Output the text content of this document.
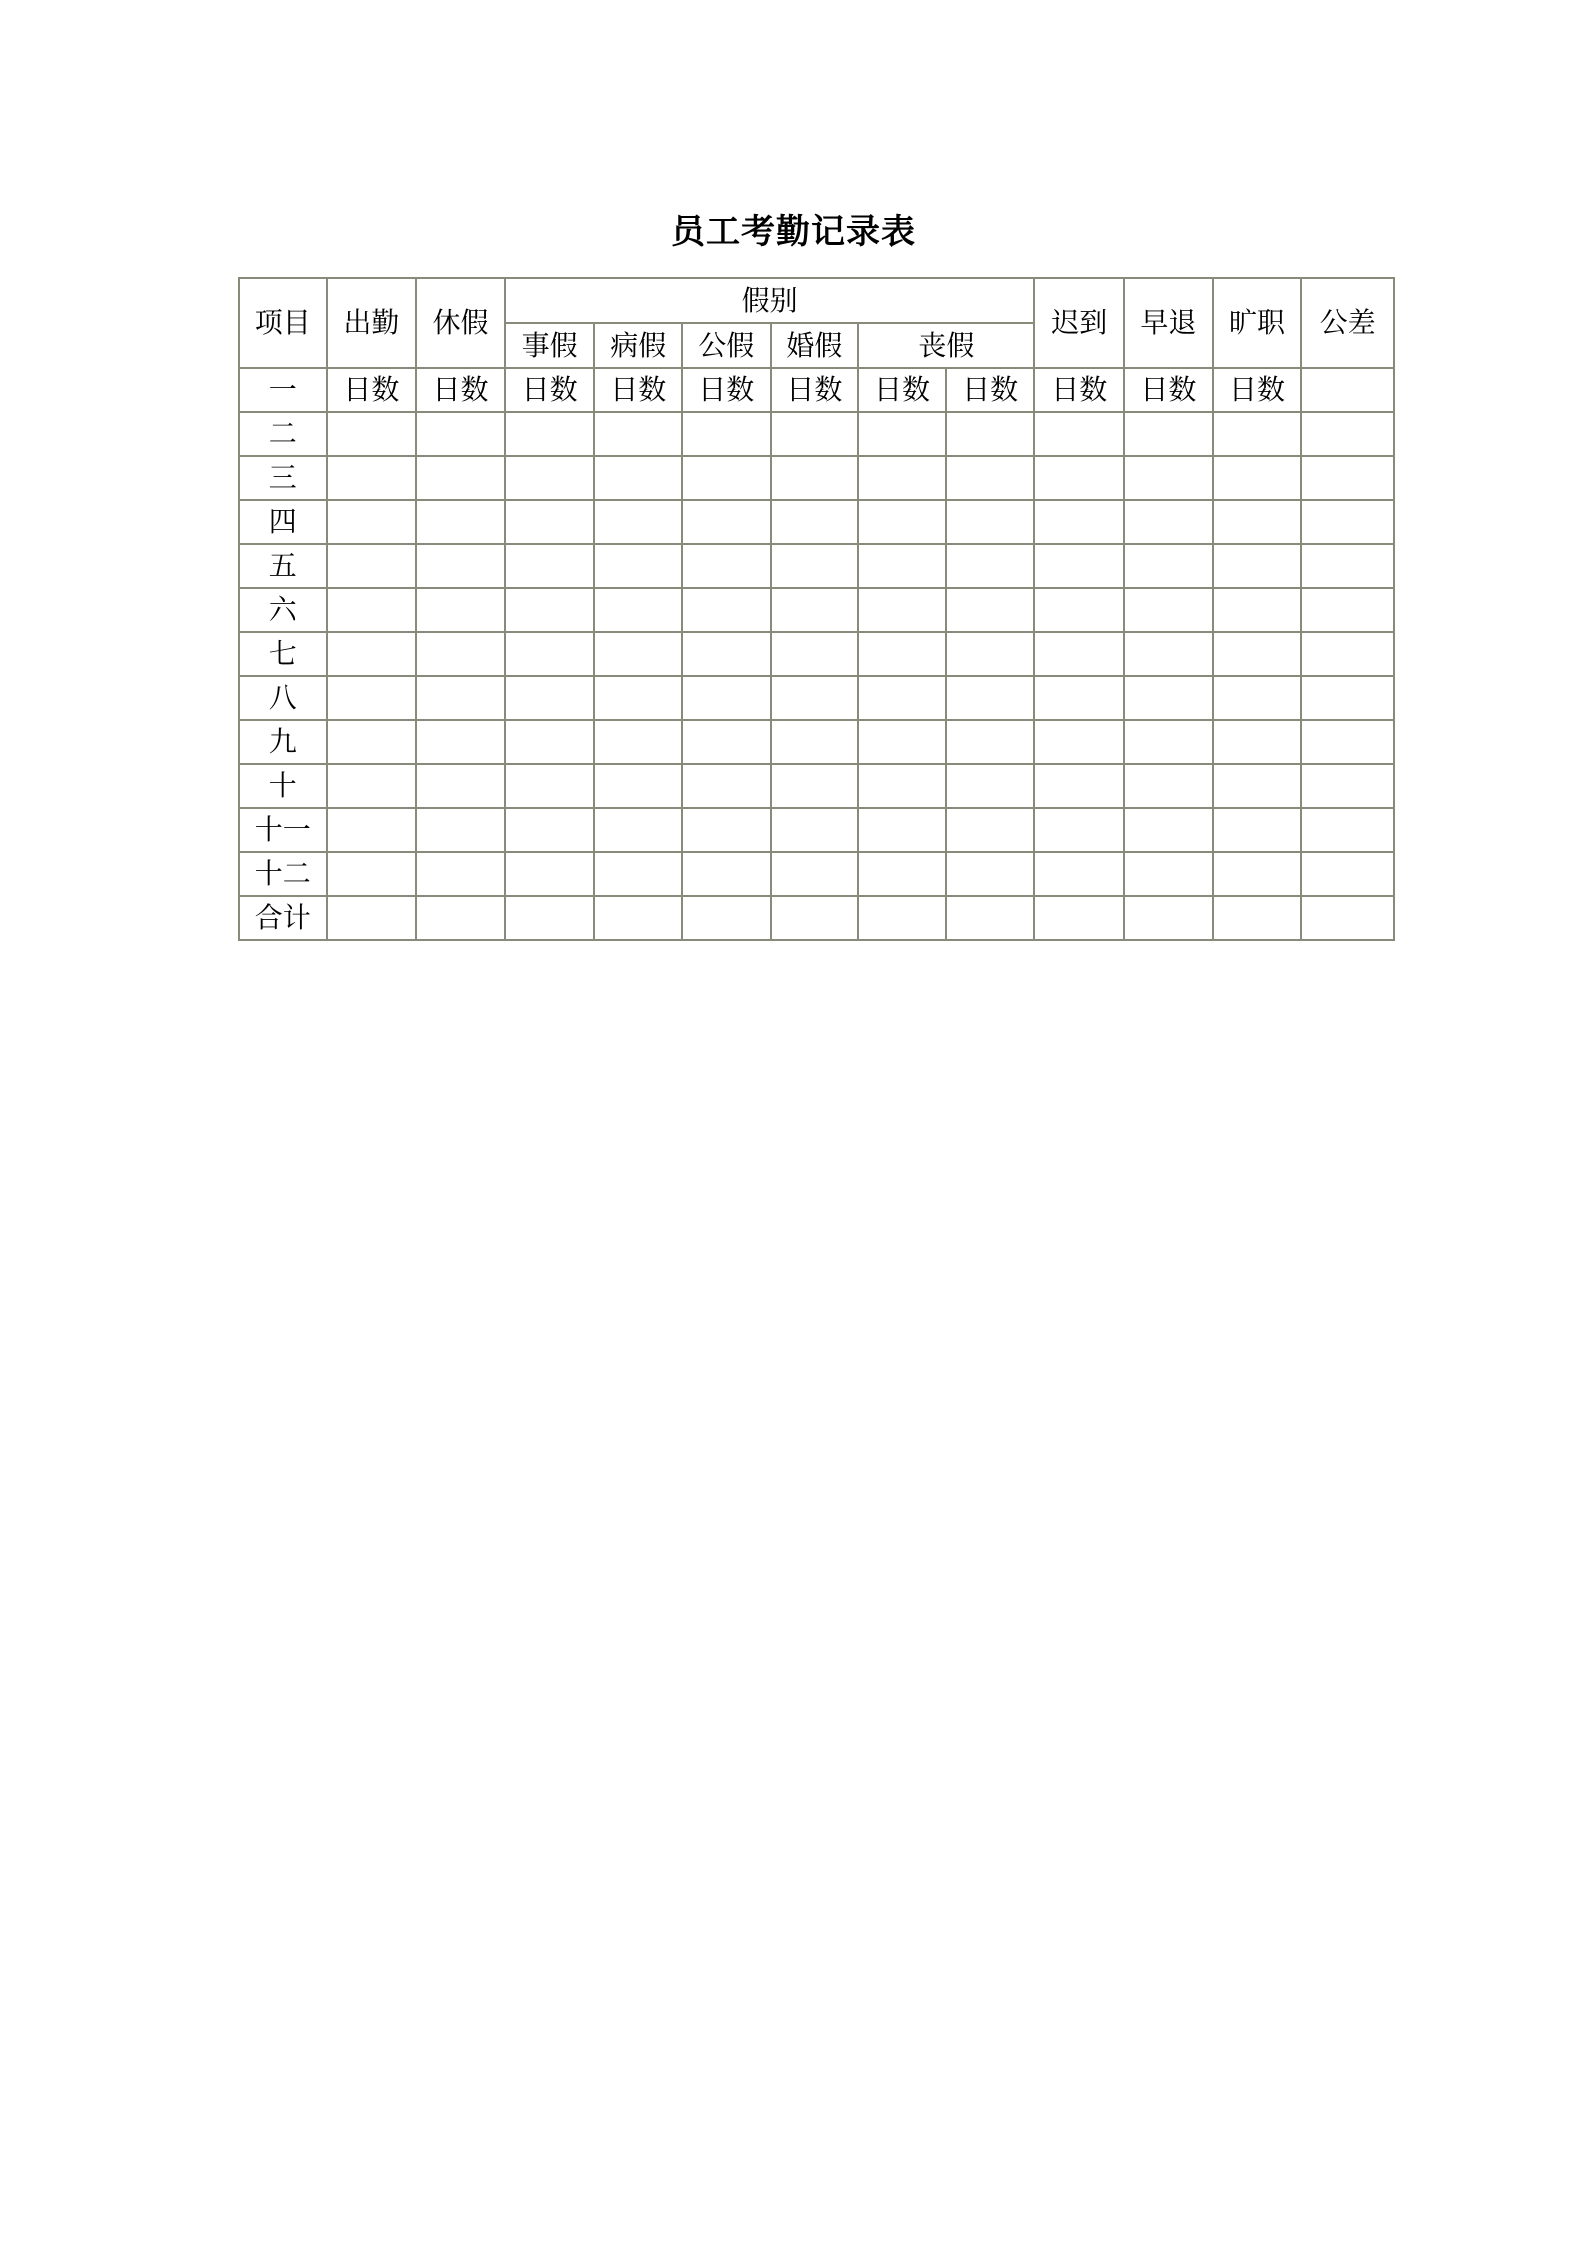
员工考勤记录表
项目	出勤	休假	假别						迟到	早退	旷职	公差
			事假	病假	公假	婚假	丧假					
一	日数	日数	日数	日数	日数	日数	日数	日数	日数	日数	日数	
二												
三												
四												
五												
六												
七												
八												
九												
十												
十一												
十二												
合计												
